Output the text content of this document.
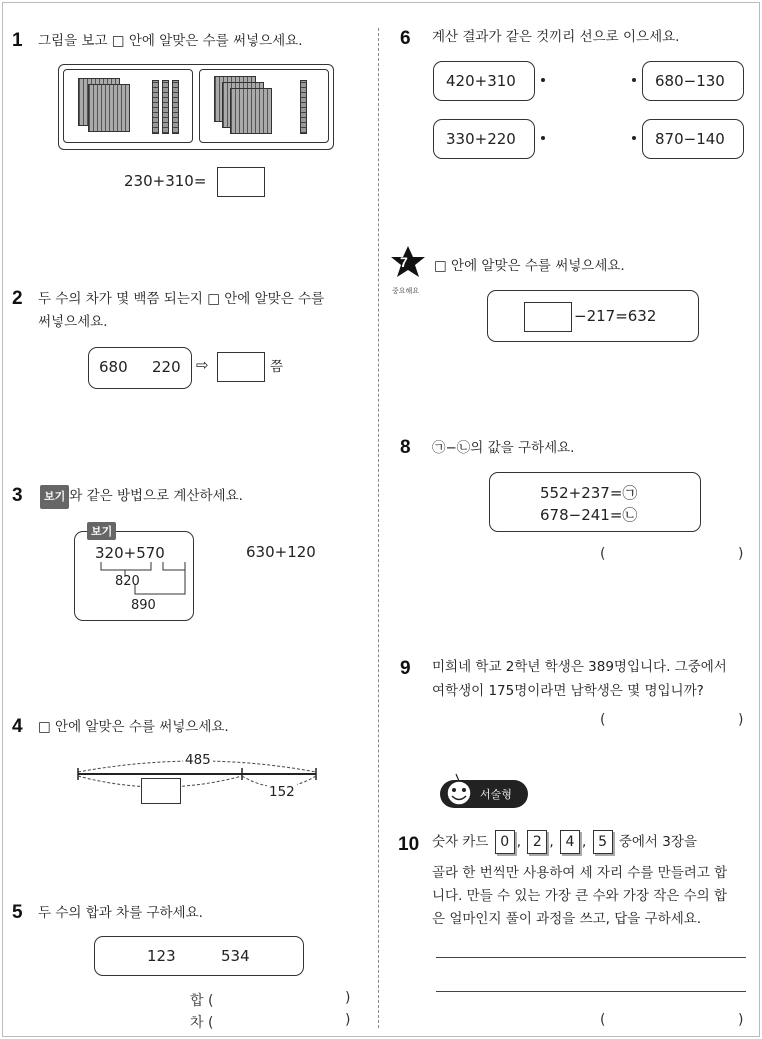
1 그림을 보고 □ 안에 알맞은 수를 써넣으세요.
230+310=
2 두 수의 차가 몇 백쯤 되는지 □ 안에 알맞은 수를
써넣으세요.
680 220 ⇨	쯤
3	보기 와 같은 방법으로 계산하세요.
보기
320+570
820
890
630+120
4 □ 안에 알맞은 수를 써넣으세요.
485
152
5 두 수의 합과 차를 구하세요.
123	534
합 (	)
차 (	)
6 계산 결과가 같은 것끼리 선으로 이으세요.
420+310	680−130
330+220	870−140
7
중요해요
□ 안에 알맞은 수를 써넣으세요.
−217=632
8 ㉠−㉡의 값을 구하세요.
552+237=㉠
678−241=㉡
(	)
9 미희네 학교 2학년 학생은 389명입니다. 그중에서
여학생이 175명이라면 남학생은 몇 명입니까?
(	)
서술형
10 숫자 카드 0 , 2 , 4 , 5 중에서 3장을
골라 한 번씩만 사용하여 세 자리 수를 만들려고 합
니다. 만들 수 있는 가장 큰 수와 가장 작은 수의 합
은 얼마인지 풀이 과정을 쓰고, 답을 구하세요.
(	)
